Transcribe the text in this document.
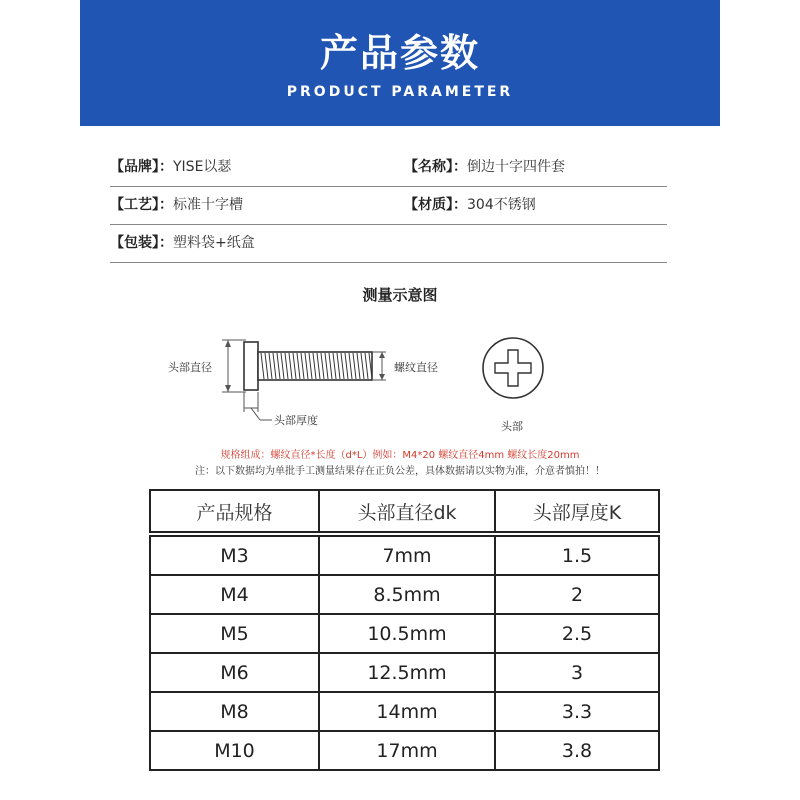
产品参数
PRODUCT PARAMETER
【品牌】：YISE以瑟	【名称】：倒边十字四件套
【工艺】：标准十字槽	【材质】：304不锈钢
【包装】：塑料袋+纸盒
测量示意图
头部直径	螺纹直径
头部厚度	头部
规格组成：螺纹直径*长度（d*L）例如：M4*20 螺纹直径4mm 螺纹长度20mm
注：以下数据均为单批手工测量结果存在正负公差，具体数据请以实物为准，介意者慎拍！！
产品规格	头部直径dk	头部厚度K

M3	7mm	1.5
M4	8.5mm	2
M5	10.5mm	2.5
M6	12.5mm	3
M8	14mm	3.3
M10	17mm	3.8
